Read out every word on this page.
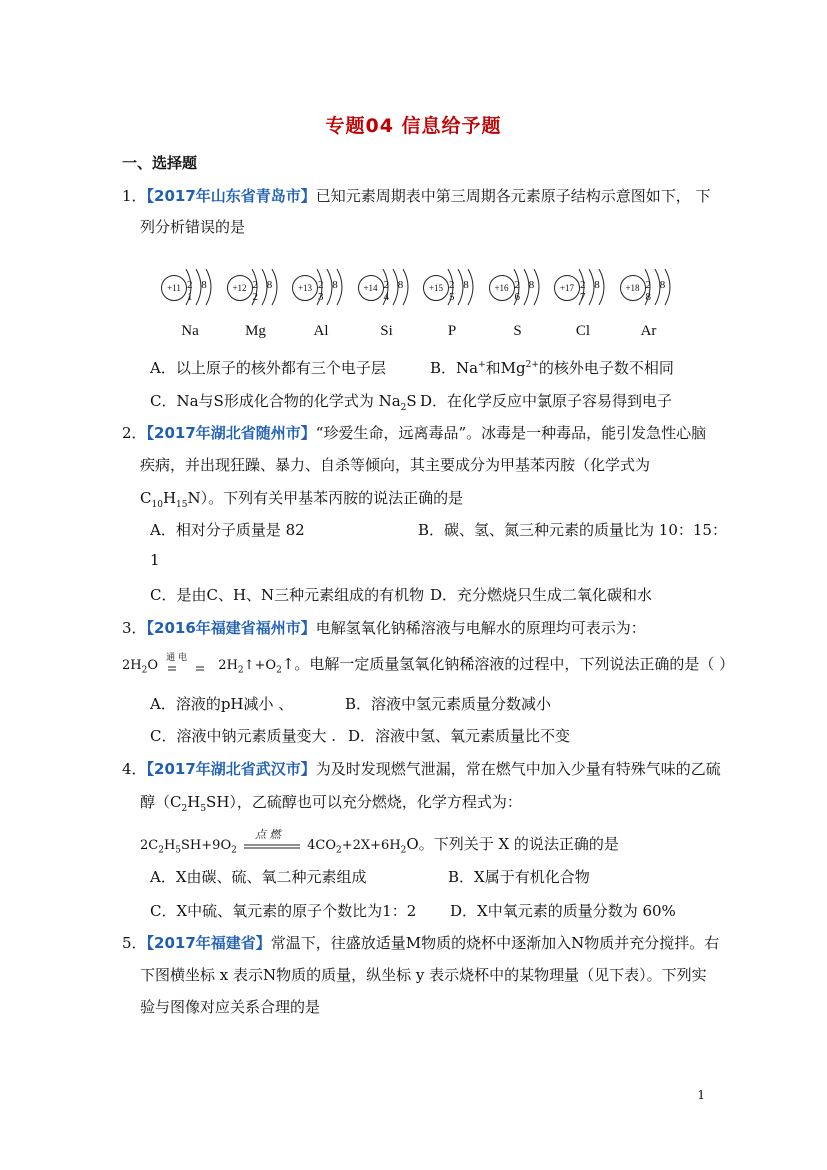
专题04 信息给予题
一、选择题
1．【2017年山东省青岛市】已知元素周期表中第三周期各元素原子结构示意图如下， 下
列分析错误的是
+11 2 8 1
Na
+12 2 8 2
Mg
+13 2 8 3
Al
+14 2 8 4
Si
+15 2 8 5
P
+16 2 8 6
S
+17 2 8 7
Cl
+18 2 8 8
Ar
A．以上原子的核外都有三个电子层	B．Na+和$Mg^{2+}$的核外电子数不相同
C．Na与S形成化合物的化学式为 $Na_2S$ D．在化学反应中氯原子容易得到电子
2．【2017年湖北省随州市】“珍爱生命，远离毒品”。冰毒是一种毒品，能引发急性心脑
疾病，并出现狂躁、暴力、自杀等倾向，其主要成分为甲基苯丙胺（化学式为
$C_{10}H_{15}N$）。下列有关甲基苯丙胺的说法正确的是
A．相对分子质量是 82	B．碳、氢、氮三种元素的质量比为 10：15：
1
C．是由C、H、N三种元素组成的有机物 D．充分燃烧只生成二氧化碳和水
3．【2016年福建省福州市】电解氢氧化钠稀溶液与电解水的原理均可表示为：
$2H_2O$
通 电
$2H_2↑+O_2↑$。电解一定质量氢氧化钠稀溶液的过程中，下列说法正确的是（ ）
A．溶液的pH减小 、	B．溶液中氢元素质量分数减小
C．溶液中钠元素质量变大 . D．溶液中氢、氧元素质量比不变
4．【2017年湖北省武汉市】为及时发现燃气泄漏，常在燃气中加入少量有特殊气味的乙硫
醇$(C_2H_5SH)$，乙硫醇也可以充分燃烧，化学方程式为：
$2C_2H_5SH+9O_2$
点 燃
$4CO_2+2X+6H_2O$。下列关于 X 的说法正确的是
A．X由碳、硫、氧二种元素组成	B．X属于有机化合物
C．X中硫、氧元素的原子个数比为1：2 D．X中氧元素的质量分数为 60%
5．【2017年福建省】常温下，往盛放适量M物质的烧杯中逐渐加入N物质并充分搅拌。右
下图横坐标 x 表示N物质的质量，纵坐标 y 表示烧杯中的某物理量（见下表）。下列实
验与图像对应关系合理的是
1
